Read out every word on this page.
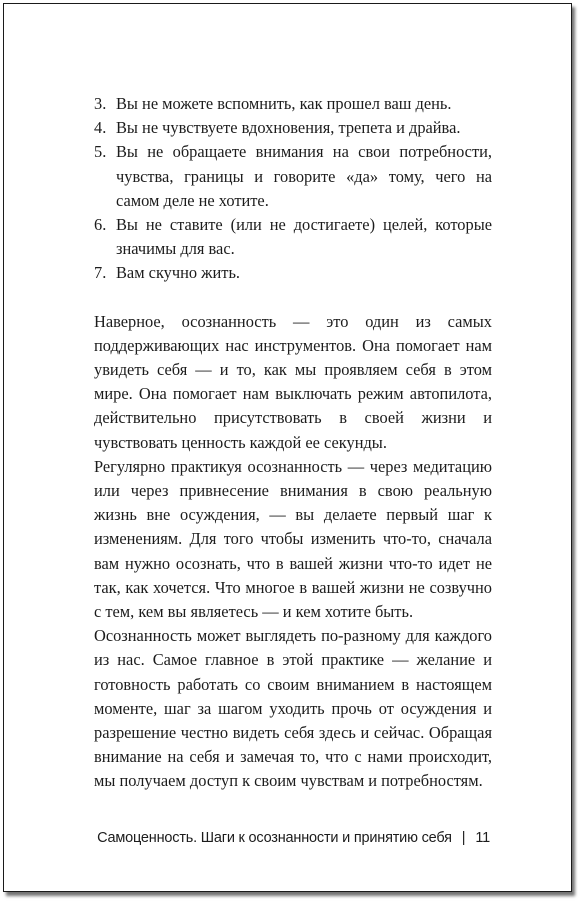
3. Вы не можете вспомнить, как прошел ваш день.
4. Вы не чувствуете вдохновения, трепета и драйва.
5. Вы не обращаете внимания на свои потребности, чувства, границы и говорите «да» тому, чего на самом деле не хотите.
6. Вы не ставите (или не достигаете) целей, которые значимы для вас.
7. Вам скучно жить.

Наверное, осознанность — это один из самых поддерживающих нас инструментов. Она помогает нам увидеть себя — и то, как мы проявляем себя в этом мире. Она помогает нам выключать режим автопилота, действительно присутствовать в своей жизни и чувствовать ценность каждой ее секунды.

Регулярно практикуя осознанность — через медитацию или через привнесение внимания в свою реальную жизнь вне осуждения, — вы делаете первый шаг к изменениям. Для того чтобы изменить что-то, сначала вам нужно осознать, что в вашей жизни что-то идет не так, как хочется. Что многое в вашей жизни не созвучно с тем, кем вы являетесь — и кем хотите быть.

Осознанность может выглядеть по-разному для каждого из нас. Самое главное в этой практике — желание и готовность работать со своим вниманием в настоящем моменте, шаг за шагом уходить прочь от осуждения и разрешение честно видеть себя здесь и сейчас. Обращая внимание на себя и замечая то, что с нами происходит, мы получаем доступ к своим чувствам и потребностям.

Самоценность. Шаги к осознанности и принятию себя | 11
